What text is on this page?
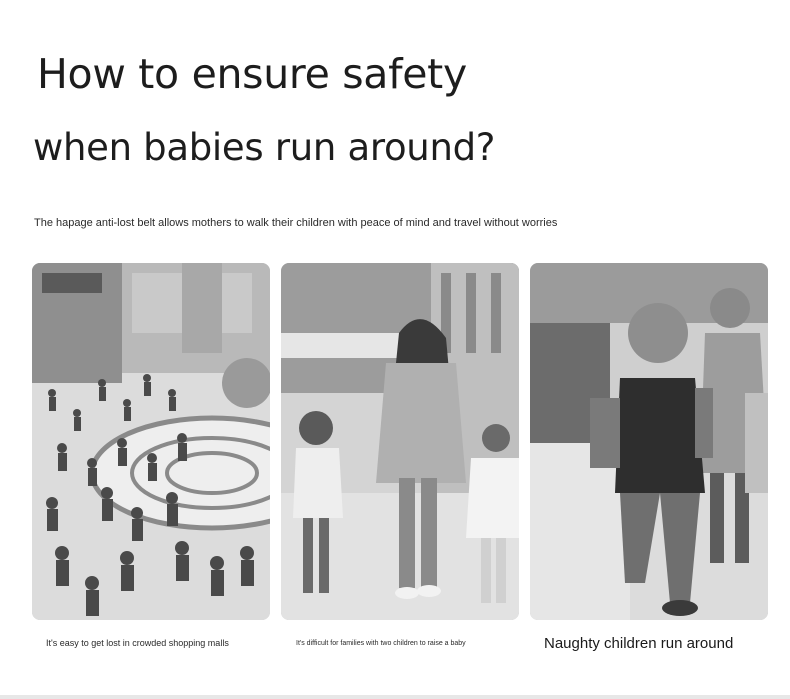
How to ensure safety
when babies run around?
The hapage anti-lost belt allows mothers to walk their children with peace of mind and travel without worries
It's easy to get lost in crowded shopping malls	It's difficult for families with two children to raise a baby	Naughty children run around
